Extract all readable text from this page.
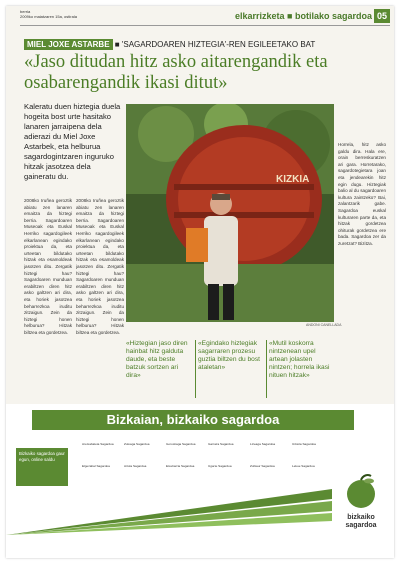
berria
2009ko maiatzaren 15a, ostirala	elkarrizketa ■ botilako sagardoa 05
MIEL JOXE ASTARBE ■ 'SAGARDOAREN HIZTEGIA'-REN EGILEETAKO BAT
«Jaso ditudan hitz asko aitarengandik eta osabarengandik ikasi ditut»
Kaleratu duen hiztegia duela hogeita bost urte hasitako lanaren jarraipena dela adierazi du Miel Joxe Astarbek, eta helburua sagardogintzaren inguruko hitzak jasotzea dela gaineratu du.
2008ko Iruñea geroztik abiatu zen lanaren emaitza da hiztegi berria. Sagardoaren Museoak eta Euskal Herriko sagardogileek elkarlanean egindako proiektua da, eta urteetan bildutako hitzak eta esamoldeak jasotzen ditu. Zergatik hiztegi hau? Sagardoaren munduan erabiltzen diren hitz asko galtzen ari dira, eta horiek jasotzea beharrezkoa iruditu zitzaigun. Zein da hiztegi honen helburua? Hitzak biltzea eta gordetzea.
2008ko Iruñea geroztik abiatu zen lanaren emaitza da hiztegi berria. Sagardoaren Museoak eta Euskal Herriko sagardogileek elkarlanean egindako proiektua da, eta urteetan bildutako hitzak eta esamoldeak jasotzen ditu. Zergatik hiztegi hau? Sagardoaren munduan erabiltzen diren hitz asko galtzen ari dira, eta horiek jasotzea beharrezkoa iruditu zitzaigun. Zein da hiztegi honen helburua? Hitzak biltzea eta gordetzea.
Horrela, hitz asko galdu dira. Hala ere, orain berreskuratzen ari gara. Horretarako, sagardotegietara joan eta jendearekin hitz egin dugu. Hiztegiak balio al du sagardoaren kultura zaintzeko? Bai, zalantzarik gabe. Sagardoa euskal kulturaren parte da, eta hitzak gordetzea ohiturak gordetzea ere bada. Sagardoa zer da zuretzat? Bizitza.
KIZKIA
ANDONI CANELLADA
«Hiztegian jaso diren hainbat hitz galduta daude, eta beste batzuk sortzen ari dira»
«Egindako hiztegiak sagarraren prozesu guztia biltzen du bost ataletan»
«Mutil koskorra nintzenean upel artean jolasten nintzen; horrela ikasi nituen hitzak»
Bizkaian, bizkaiko sagardoa
Bizkaiko sagardoa gaur egun, online saldu
Aretxabaleta Sagardoa	Zuloaga Sagardoa	Gorostiaga Sagardoa	Garraza Sagardoa	Lizeaga Sagardoa	Urkiola Sagardoa
Elgezabal Sagardoa	Artola Sagardoa	Etxebarria Sagardoa	Ugarte Sagardoa	Zubiaur Sagardoa	Lekue Sagardoa
bizkaiko
sagardoa
